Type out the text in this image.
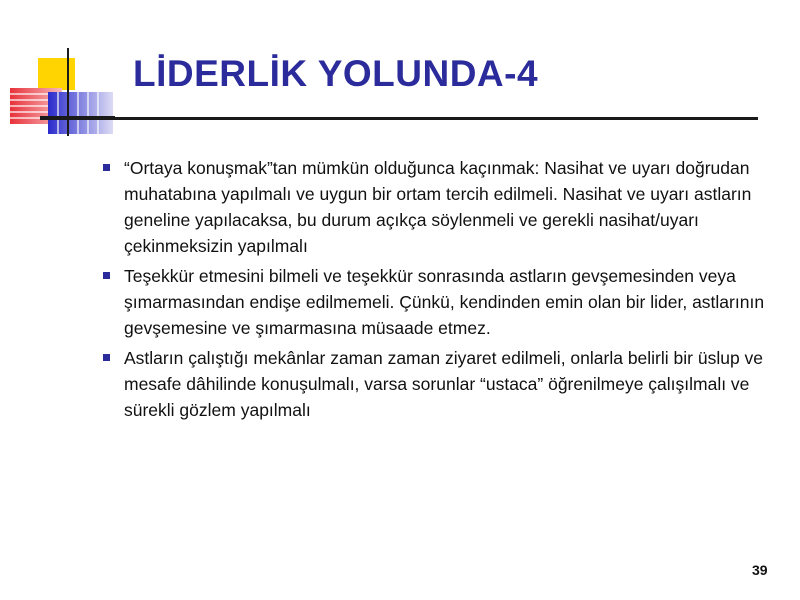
LİDERLİK YOLUNDA-4
“Ortaya konuşmak”tan mümkün olduğunca kaçınmak: Nasihat ve uyarı doğrudan muhatabına yapılmalı ve uygun bir ortam tercih edilmeli. Nasihat ve uyarı astların geneline yapılacaksa, bu durum açıkça söylenmeli ve gerekli nasihat/uyarı çekinmeksizin yapılmalı
Teşekkür etmesini bilmeli ve teşekkür sonrasında astların gevşemesinden veya şımarmasından endişe edilmemeli. Çünkü, kendinden emin olan bir lider, astlarının gevşemesine ve şımarmasına müsaade etmez.
Astların çalıştığı mekânlar zaman zaman ziyaret edilmeli, onlarla belirli bir üslup ve mesafe dâhilinde konuşulmalı, varsa sorunlar “ustaca” öğrenilmeye çalışılmalı ve sürekli gözlem yapılmalı
39
